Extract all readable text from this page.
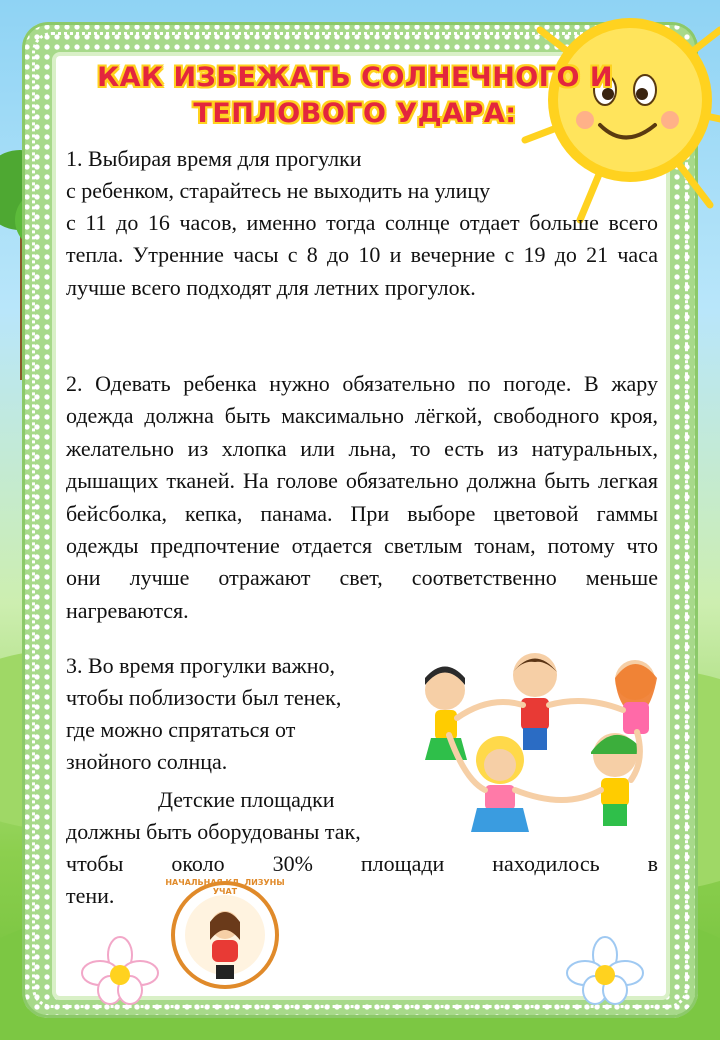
КАК ИЗБЕЖАТЬ СОЛНЕЧНОГО И
ТЕПЛОВОГО УДАРА:

1. Выбирая время для прогулки

с ребенком, старайтесь не выходить на улицу

с 11 до 16 часов, именно тогда солнце отдает больше всего тепла. Утренние часы с 8 до 10 и вечерние с 19 до 21 часа лучше всего подходят для летних прогулок.

2. Одевать ребенка нужно обязательно по погоде. В жару одежда должна быть максимально лёгкой, свободного кроя, желательно из хлопка или льна, то есть из натуральных, дышащих тканей. На голове обязательно должна быть легкая бейсболка, кепка, панама. При выборе цветовой гаммы одежды предпочтение отдается светлым тонам, потому что они лучше отражают свет, соответственно меньше нагреваются.

3. Во время прогулки важно,

чтобы поблизости был тенек,

где можно спрятаться от

знойного солнца.

Детские площадки

должны быть оборудованы так,

чтобы около 30% площади находилось в

тени.

НАЧАЛЬНАЯ КЛ. ЛИЗУНЫ УЧАТ
